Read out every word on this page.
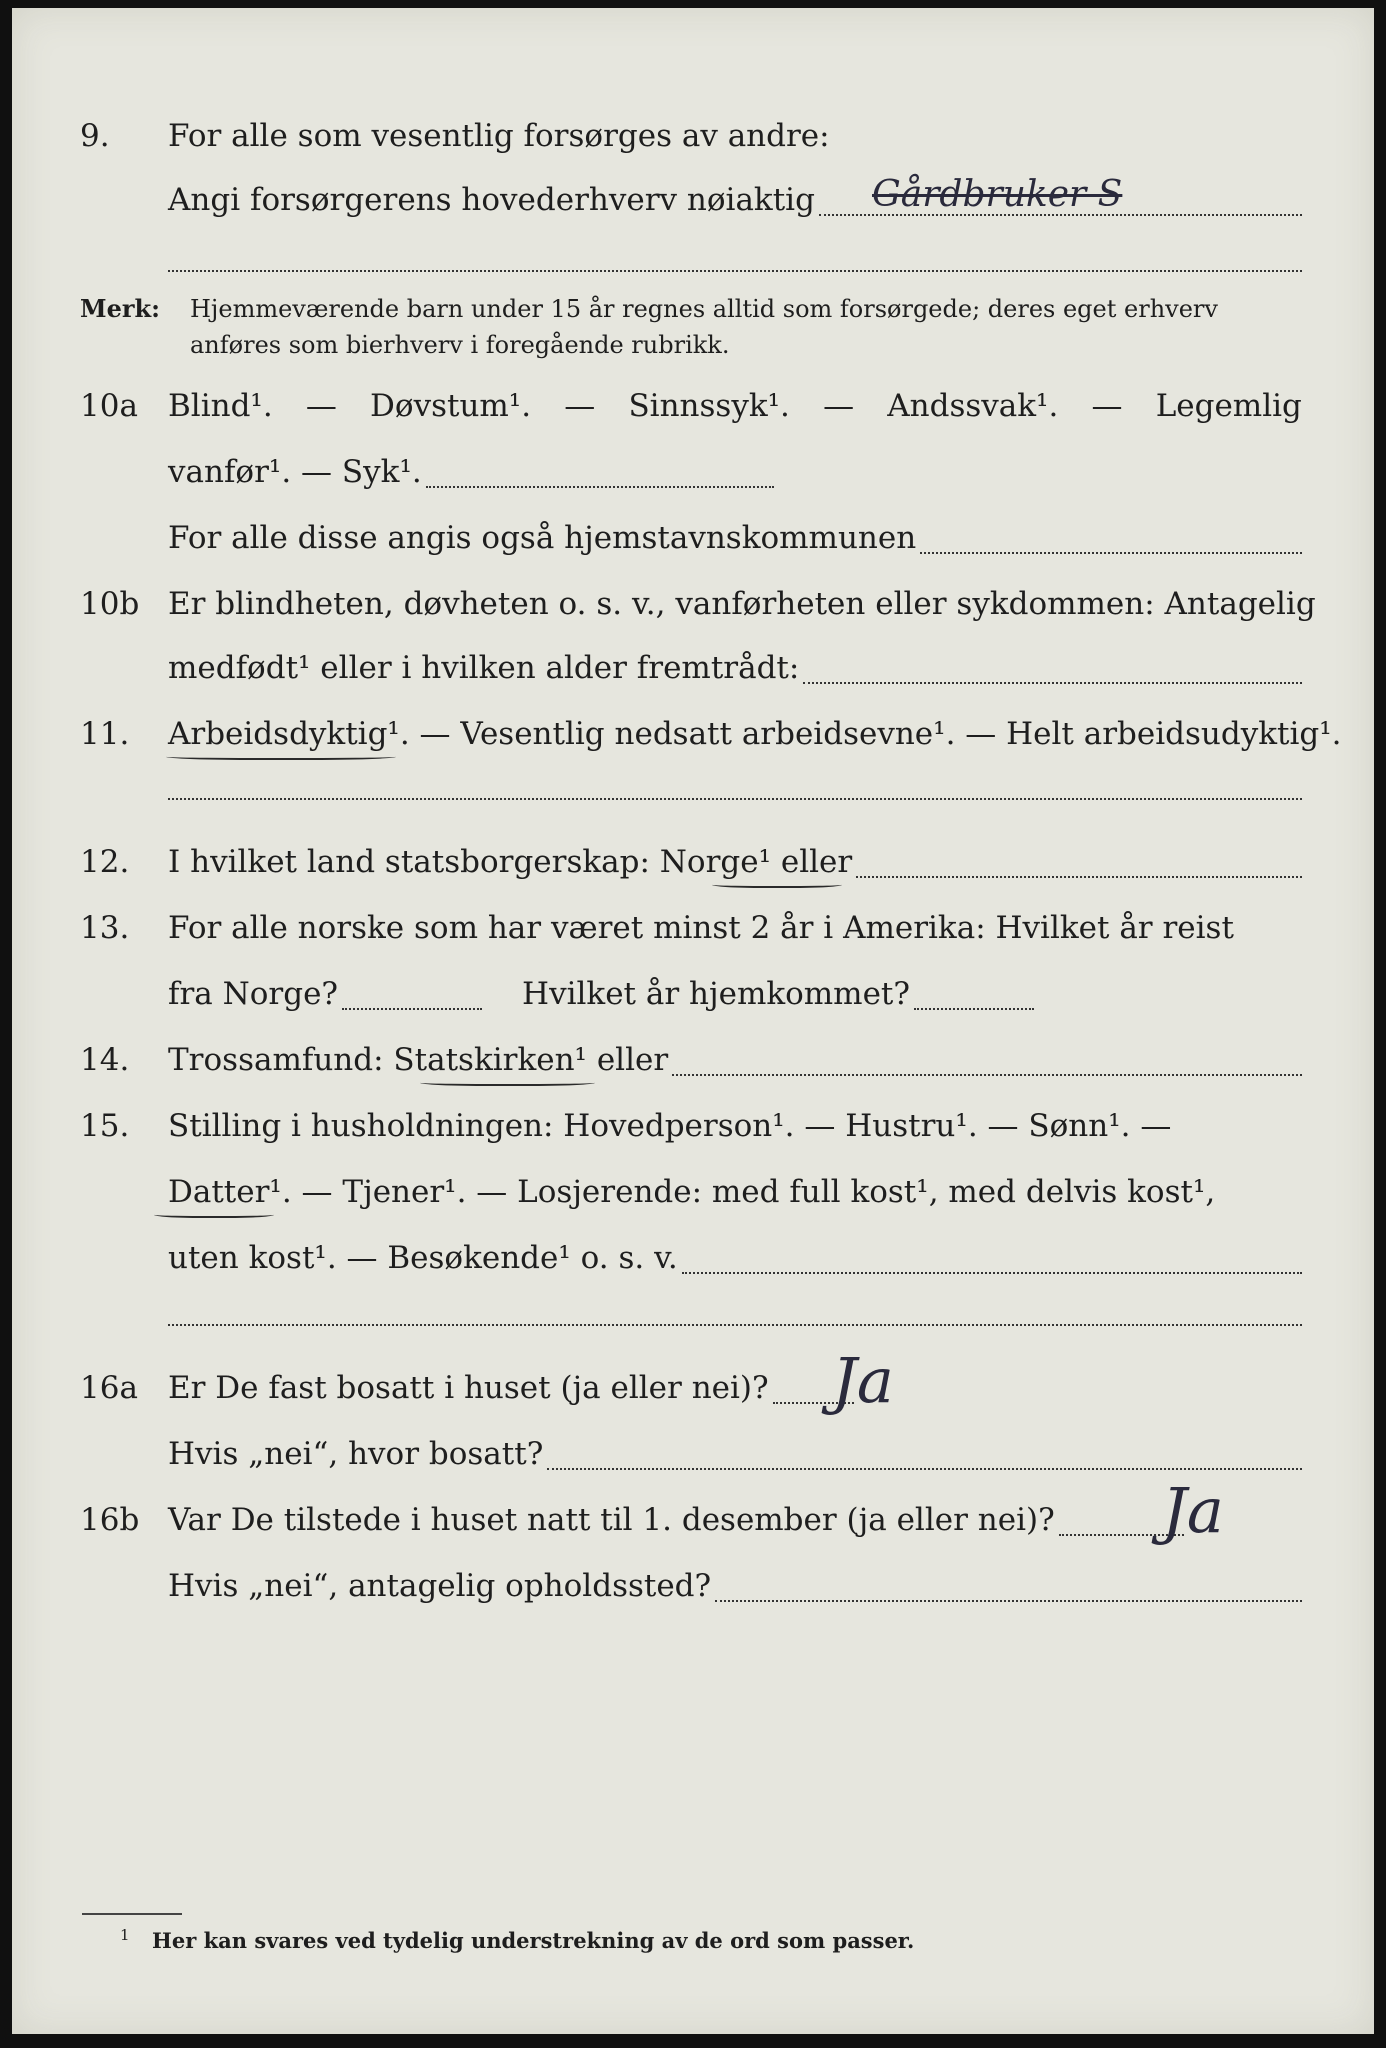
9. For alle som vesentlig forsørges av andre:
Angi forsørgerens hovederhverv nøiaktig Gårdbruker S
Merk: Hjemmeværende barn under 15 år regnes alltid som forsørgede; deres eget erhverv
anføres som bierhverv i foregående rubrikk.
10a Blind¹. — Døvstum¹. — Sinnssyk¹. — Andssvak¹. — Legemlig
vanfør¹. — Syk¹.
For alle disse angis også hjemstavnskommunen
10b Er blindheten, døvheten o. s. v., vanførheten eller sykdommen: Antagelig
medfødt¹ eller i hvilken alder fremtrådt:
11. Arbeidsdyktig¹. — Vesentlig nedsatt arbeidsevne¹. — Helt arbeidsudyktig¹.
12. I hvilket land statsborgerskap: Norge¹ eller
13. For alle norske som har været minst 2 år i Amerika: Hvilket år reist
fra Norge?	Hvilket år hjemkommet?
14. Trossamfund: Statskirken¹ eller
15. Stilling i husholdningen: Hovedperson¹. — Hustru¹. — Sønn¹. —
Datter¹. — Tjener¹. — Losjerende: med full kost¹, med delvis kost¹,
uten kost¹. — Besøkende¹ o. s. v.
16a Er De fast bosatt i huset (ja eller nei)? Ja
Hvis „nei“, hvor bosatt?
16b Var De tilstede i huset natt til 1. desember (ja eller nei)? Ja
Hvis „nei“, antagelig opholdssted?
1 Her kan svares ved tydelig understrekning av de ord som passer.
